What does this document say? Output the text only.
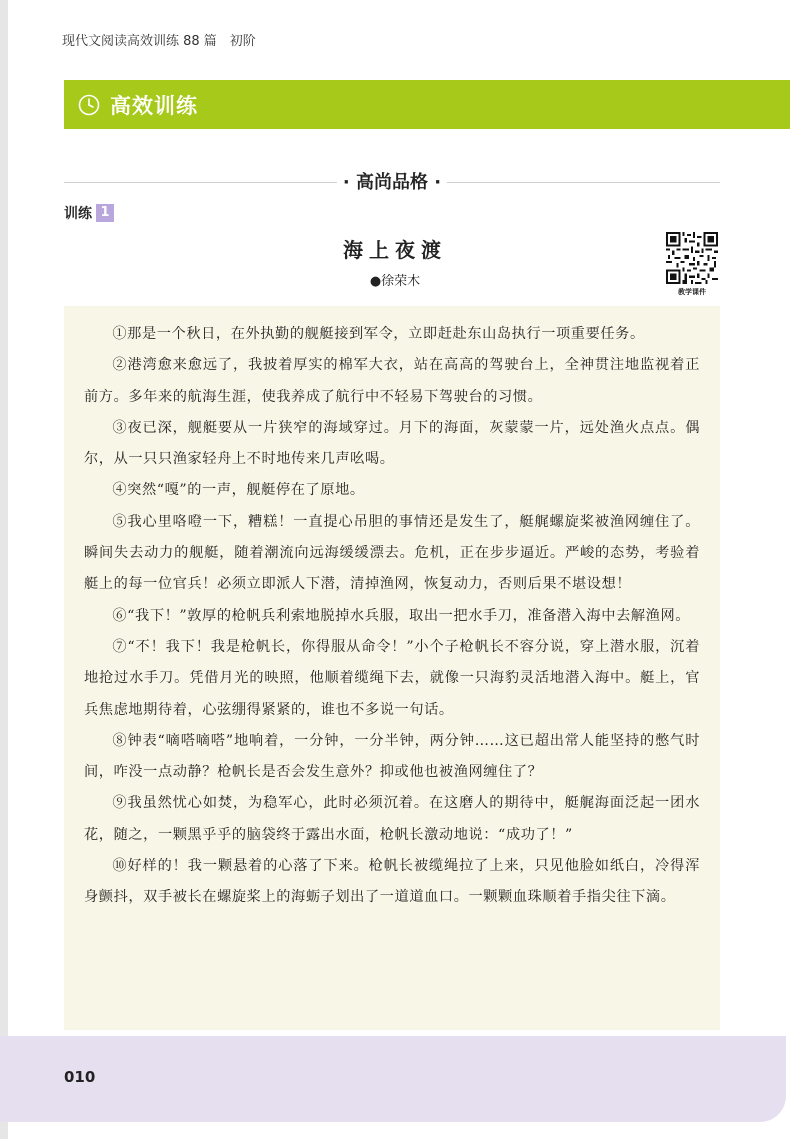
现代文阅读高效训练 88 篇　初阶
高效训练
· 高尚品格 ·
训练 1
海上夜渡
●徐荣木
教学课件

①那是一个秋日，在外执勤的舰艇接到军令，立即赶赴东山岛执行一项重要任务。

②港湾愈来愈远了，我披着厚实的棉军大衣，站在高高的驾驶台上，全神贯注地监视着正前方。多年来的航海生涯，使我养成了航行中不轻易下驾驶台的习惯。

③夜已深，舰艇要从一片狭窄的海域穿过。月下的海面，灰蒙蒙一片，远处渔火点点。偶尔，从一只只渔家轻舟上不时地传来几声吆喝。

④突然“嘎”的一声，舰艇停在了原地。

⑤我心里咯噔一下，糟糕！一直提心吊胆的事情还是发生了，艇艉螺旋桨被渔网缠住了。瞬间失去动力的舰艇，随着潮流向远海缓缓漂去。危机，正在步步逼近。严峻的态势，考验着艇上的每一位官兵！必须立即派人下潜，清掉渔网，恢复动力，否则后果不堪设想！

⑥“我下！”敦厚的枪帆兵利索地脱掉水兵服，取出一把水手刀，准备潜入海中去解渔网。

⑦“不！我下！我是枪帆长，你得服从命令！”小个子枪帆长不容分说，穿上潜水服，沉着地抢过水手刀。凭借月光的映照，他顺着缆绳下去，就像一只海豹灵活地潜入海中。艇上，官兵焦虑地期待着，心弦绷得紧紧的，谁也不多说一句话。

⑧钟表“嘀嗒嘀嗒”地响着，一分钟，一分半钟，两分钟……这已超出常人能坚持的憋气时间，咋没一点动静？枪帆长是否会发生意外？抑或他也被渔网缠住了？

⑨我虽然忧心如焚，为稳军心，此时必须沉着。在这磨人的期待中，艇艉海面泛起一团水花，随之，一颗黑乎乎的脑袋终于露出水面，枪帆长激动地说：“成功了！”

⑩好样的！我一颗悬着的心落了下来。枪帆长被缆绳拉了上来，只见他脸如纸白，冷得浑身颤抖，双手被长在螺旋桨上的海蛎子划出了一道道血口。一颗颗血珠顺着手指尖往下滴。

010
